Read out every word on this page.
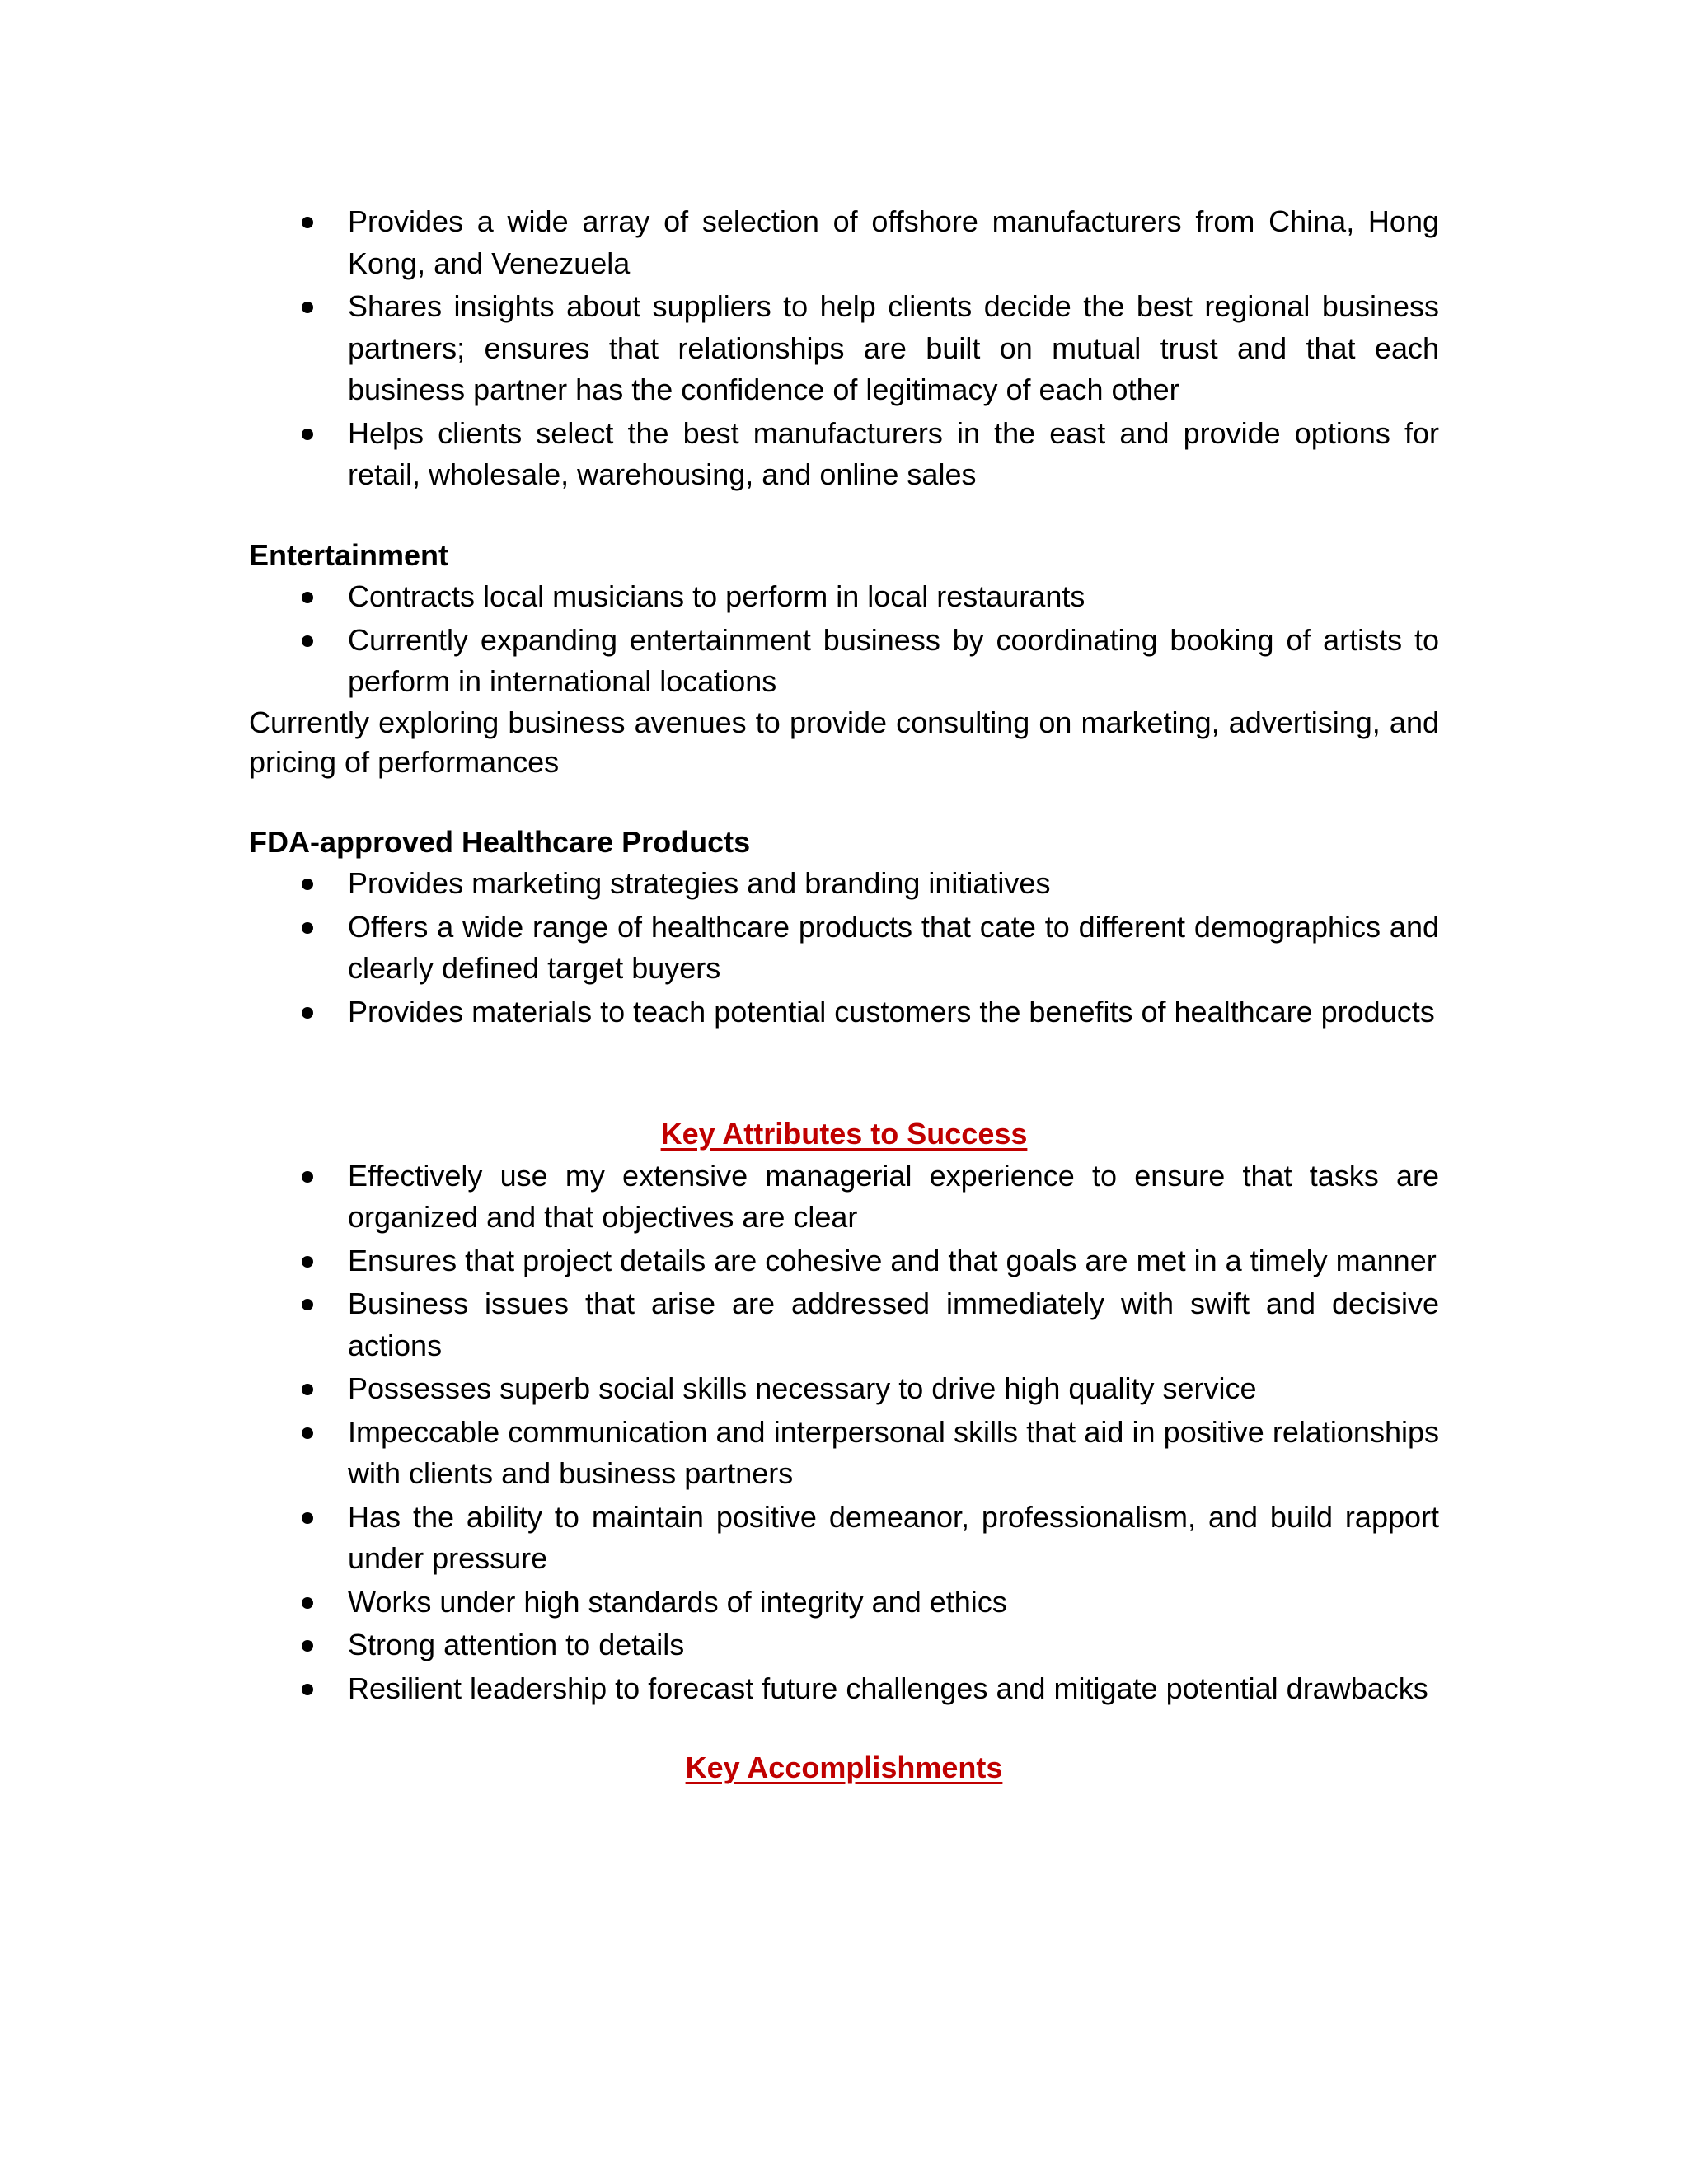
Provides a wide array of selection of offshore manufacturers from China, Hong Kong, and Venezuela
Shares insights about suppliers to help clients decide the best regional business partners; ensures that relationships are built on mutual trust and that each business partner has the confidence of legitimacy of each other
Helps clients select the best manufacturers in the east and provide options for retail, wholesale, warehousing, and online sales

Entertainment

Contracts local musicians to perform in local restaurants
Currently expanding entertainment business by coordinating booking of artists to perform in international locations

Currently exploring business avenues to provide consulting on marketing, advertising, and pricing of performances

FDA-approved Healthcare Products

Provides marketing strategies and branding initiatives
Offers a wide range of healthcare products that cate to different demographics and clearly defined target buyers
Provides materials to teach potential customers the benefits of healthcare products

Key Attributes to Success

Effectively use my extensive managerial experience to ensure that tasks are organized and that objectives are clear
Ensures that project details are cohesive and that goals are met in a timely manner
Business issues that arise are addressed immediately with swift and decisive actions
Possesses superb social skills necessary to drive high quality service
Impeccable communication and interpersonal skills that aid in positive relationships with clients and business partners
Has the ability to maintain positive demeanor, professionalism, and build rapport under pressure
Works under high standards of integrity and ethics
Strong attention to details
Resilient leadership to forecast future challenges and mitigate potential drawbacks

Key Accomplishments
